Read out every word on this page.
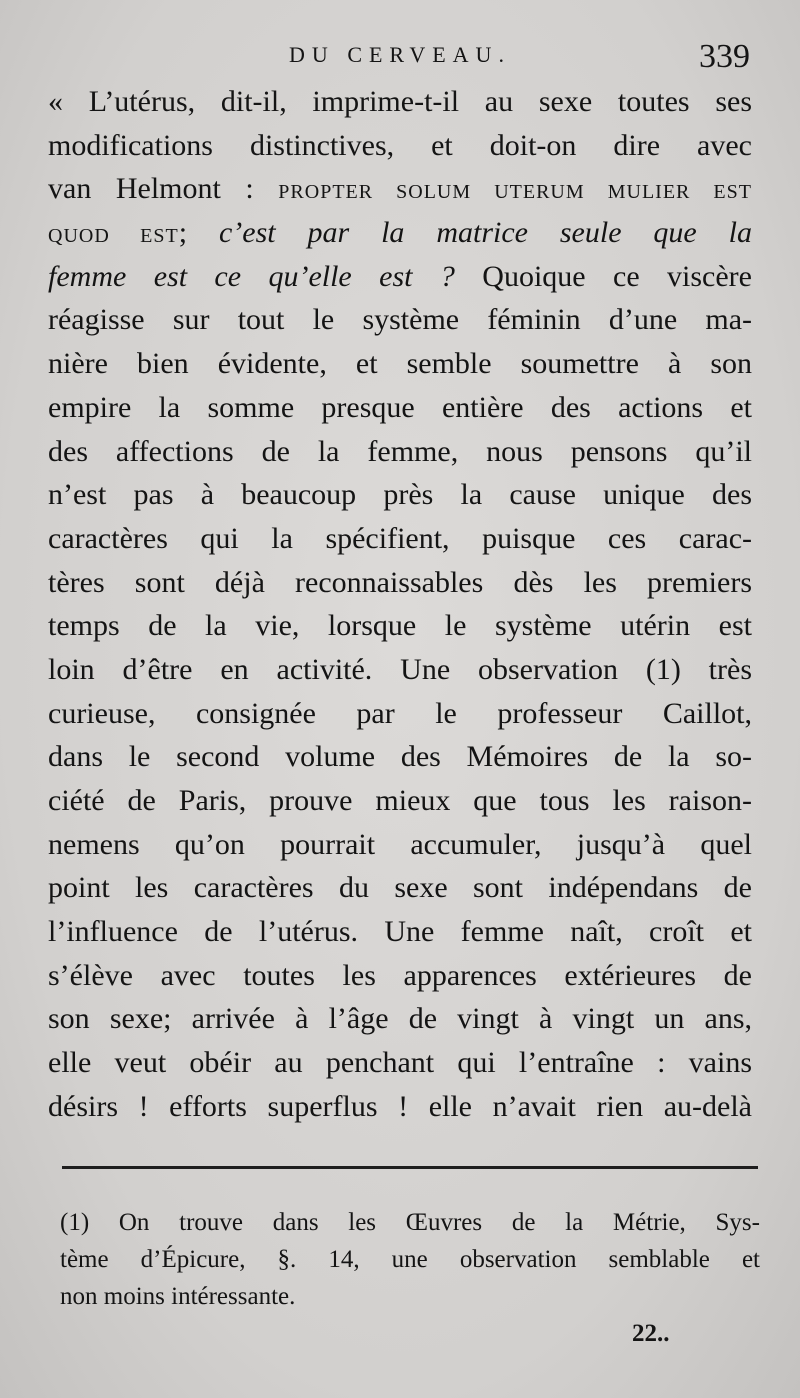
DU CERVEAU.	339
« L’utérus, dit-il, imprime-t-il au sexe toutes ses
modifications distinctives, et doit-on dire avec
van Helmont : PROPTER SOLUM UTERUM MULIER EST
QUOD EST; c’est par la matrice seule que la
femme est ce qu’elle est ? Quoique ce viscère
réagisse sur tout le système féminin d’une ma-
nière bien évidente, et semble soumettre à son
empire la somme presque entière des actions et
des affections de la femme, nous pensons qu’il
n’est pas à beaucoup près la cause unique des
caractères qui la spécifient, puisque ces carac-
tères sont déjà reconnaissables dès les premiers
temps de la vie, lorsque le système utérin est
loin d’être en activité. Une observation (1) très
curieuse, consignée par le professeur Caillot,
dans le second volume des Mémoires de la so-
ciété de Paris, prouve mieux que tous les raison-
nemens qu’on pourrait accumuler, jusqu’à quel
point les caractères du sexe sont indépendans de
l’influence de l’utérus. Une femme naît, croît et
s’élève avec toutes les apparences extérieures de
son sexe; arrivée à l’âge de vingt à vingt un ans,
elle veut obéir au penchant qui l’entraîne : vains
désirs ! efforts superflus ! elle n’avait rien au-delà
(1) On trouve dans les Œuvres de la Métrie, Sys-
tème d’Épicure, §. 14, une observation semblable et
non moins intéressante.
22..
